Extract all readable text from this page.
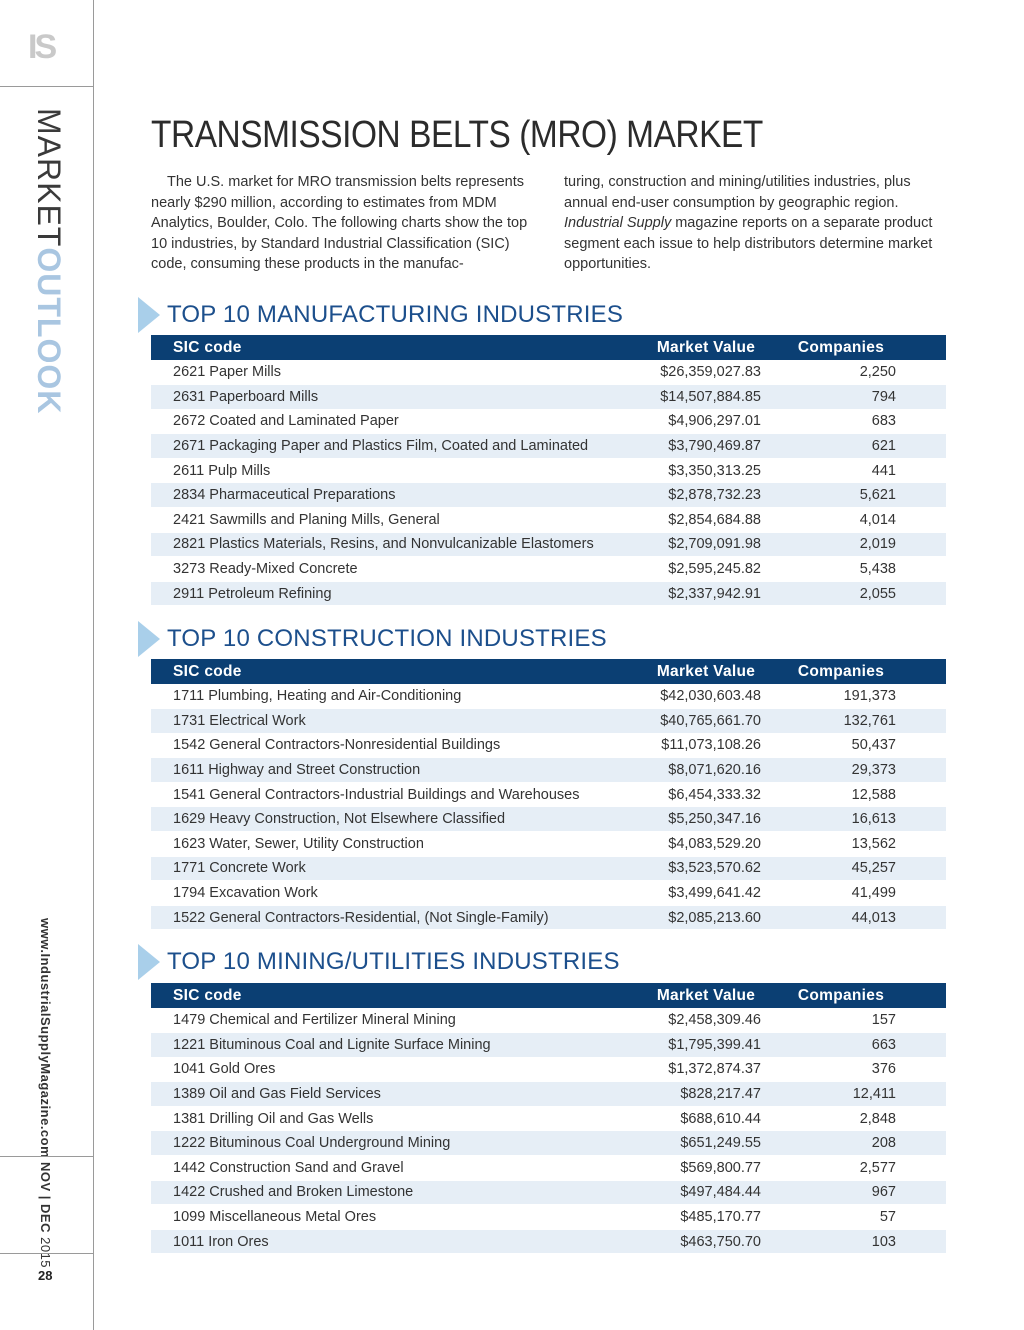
IS
MARKETOUTLOOK
www.IndustrialSupplyMagazine.com
NOV | DEC 2015
28
TRANSMISSION BELTS (MRO) MARKET

The U.S. market for MRO transmission belts represents nearly $290 million, according to estimates from MDM Analytics, Boulder, Colo. The following charts show the top 10 industries, by Standard Industrial Classification (SIC) code, consuming these products in the manufac-

turing, construction and mining/utilities industries, plus annual end-user consumption by geographic region. Industrial Supply magazine reports on a separate product segment each issue to help distributors determine market opportunities.

TOP 10 MANUFACTURING INDUSTRIES
SIC code	Market Value	Companies
2621 Paper Mills	$26,359,027.83	2,250
2631 Paperboard Mills	$14,507,884.85	794
2672 Coated and Laminated Paper	$4,906,297.01	683
2671 Packaging Paper and Plastics Film, Coated and Laminated	$3,790,469.87	621
2611 Pulp Mills	$3,350,313.25	441
2834 Pharmaceutical Preparations	$2,878,732.23	5,621
2421 Sawmills and Planing Mills, General	$2,854,684.88	4,014
2821 Plastics Materials, Resins, and Nonvulcanizable Elastomers	$2,709,091.98	2,019
3273 Ready-Mixed Concrete	$2,595,245.82	5,438
2911 Petroleum Refining	$2,337,942.91	2,055
TOP 10 CONSTRUCTION INDUSTRIES
SIC code	Market Value	Companies
1711 Plumbing, Heating and Air-Conditioning	$42,030,603.48	191,373
1731 Electrical Work	$40,765,661.70	132,761
1542 General Contractors-Nonresidential Buildings	$11,073,108.26	50,437
1611 Highway and Street Construction	$8,071,620.16	29,373
1541 General Contractors-Industrial Buildings and Warehouses	$6,454,333.32	12,588
1629 Heavy Construction, Not Elsewhere Classified	$5,250,347.16	16,613
1623 Water, Sewer, Utility Construction	$4,083,529.20	13,562
1771 Concrete Work	$3,523,570.62	45,257
1794 Excavation Work	$3,499,641.42	41,499
1522 General Contractors-Residential, (Not Single-Family)	$2,085,213.60	44,013
TOP 10 MINING/UTILITIES INDUSTRIES
SIC code	Market Value	Companies
1479 Chemical and Fertilizer Mineral Mining	$2,458,309.46	157
1221 Bituminous Coal and Lignite Surface Mining	$1,795,399.41	663
1041 Gold Ores	$1,372,874.37	376
1389 Oil and Gas Field Services	$828,217.47	12,411
1381 Drilling Oil and Gas Wells	$688,610.44	2,848
1222 Bituminous Coal Underground Mining	$651,249.55	208
1442 Construction Sand and Gravel	$569,800.77	2,577
1422 Crushed and Broken Limestone	$497,484.44	967
1099 Miscellaneous Metal Ores	$485,170.77	57
1011 Iron Ores	$463,750.70	103
